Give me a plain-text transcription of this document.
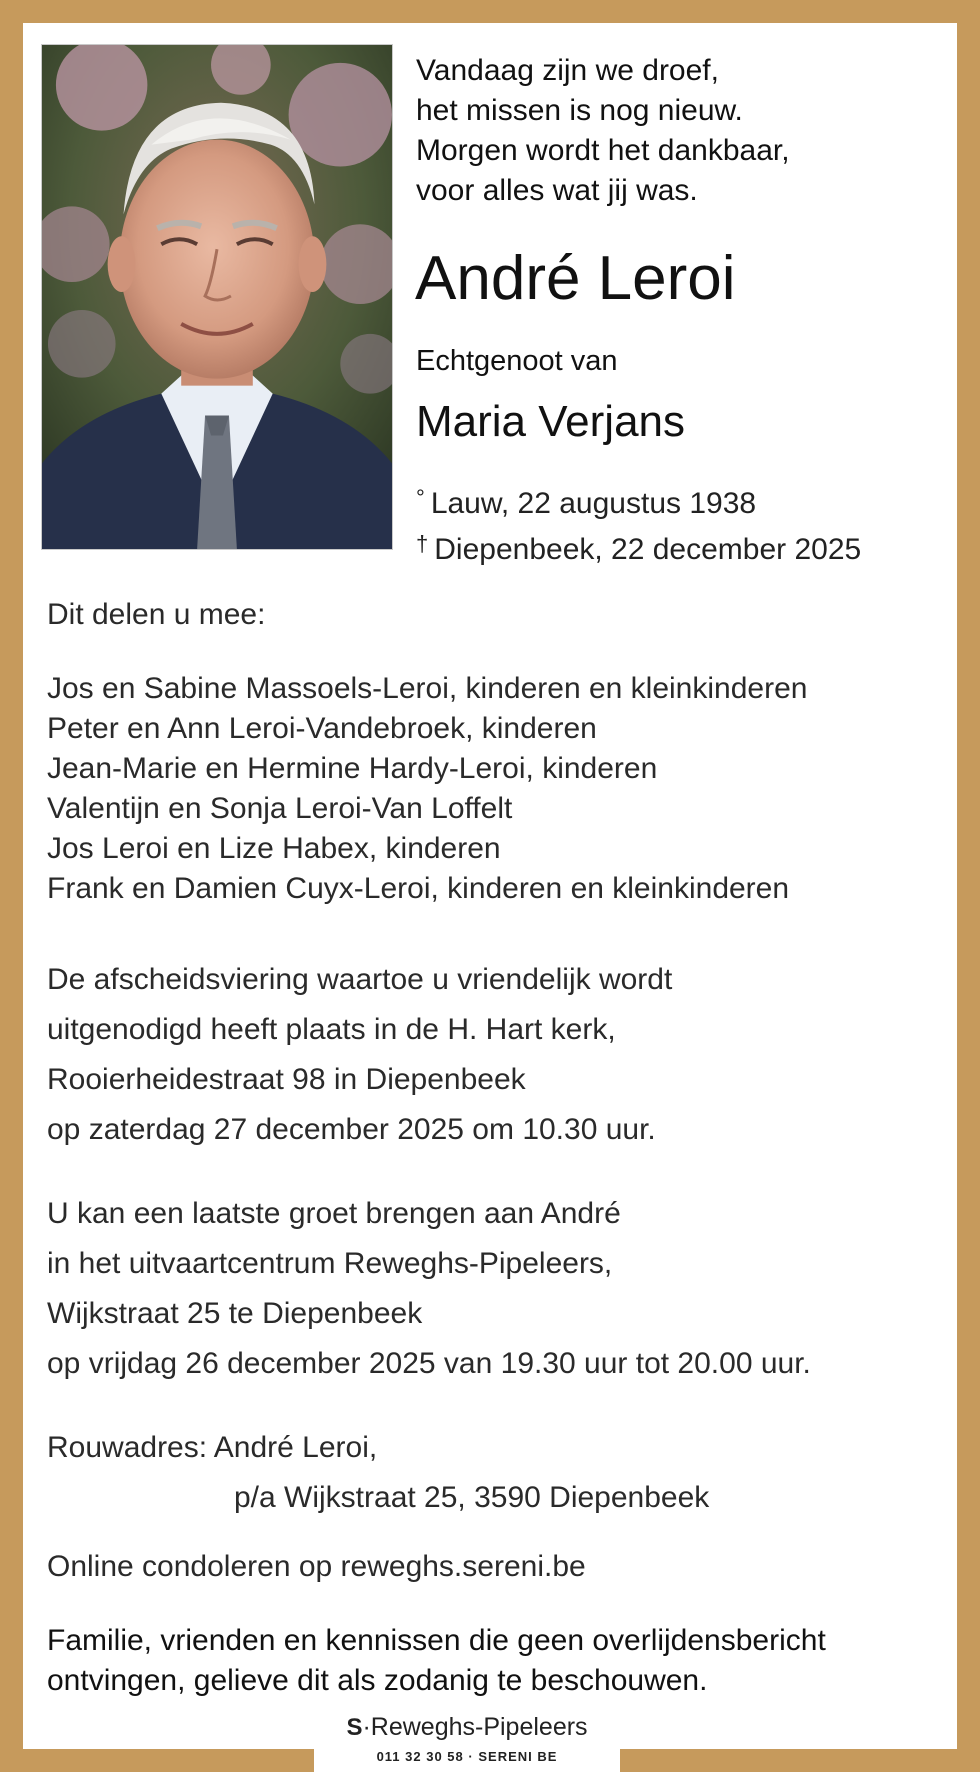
Vandaag zijn we droef,
het missen is nog nieuw.
Morgen wordt het dankbaar,
voor alles wat jij was.
André Leroi
Echtgenoot van
Maria Verjans
° Lauw, 22 augustus 1938
† Diepenbeek, 22 december 2025
Dit delen u mee:
Jos en Sabine Massoels-Leroi, kinderen en kleinkinderen
Peter en Ann Leroi-Vandebroek, kinderen
Jean-Marie en Hermine Hardy-Leroi, kinderen
Valentijn en Sonja Leroi-Van Loffelt
Jos Leroi en Lize Habex, kinderen
Frank en Damien Cuyx-Leroi, kinderen en kleinkinderen
De afscheidsviering waartoe u vriendelijk wordt
uitgenodigd heeft plaats in de H. Hart kerk,
Rooierheidestraat 98 in Diepenbeek
op zaterdag 27 december 2025 om 10.30 uur.
U kan een laatste groet brengen aan André
in het uitvaartcentrum Reweghs-Pipeleers,
Wijkstraat 25 te Diepenbeek
op vrijdag 26 december 2025 van 19.30 uur tot 20.00 uur.
Rouwadres: André Leroi,
p/a Wijkstraat 25, 3590 Diepenbeek
Online condoleren op reweghs.sereni.be
Familie, vrienden en kennissen die geen overlijdensbericht
ontvingen, gelieve dit als zodanig te beschouwen.
S·Reweghs-Pipeleers
011 32 30 58 · SERENI BE
